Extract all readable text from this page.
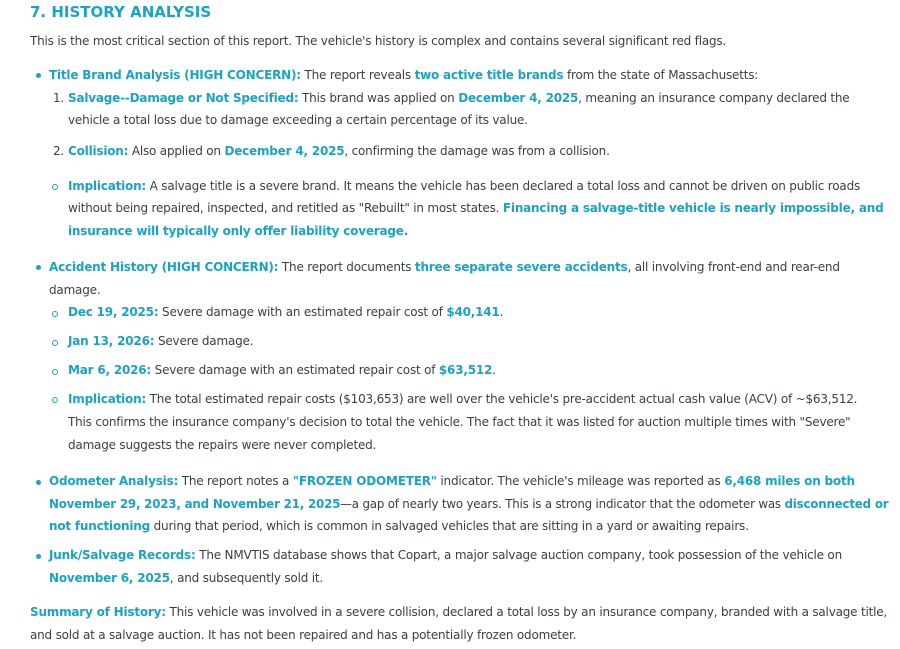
7. HISTORY ANALYSIS
This is the most critical section of this report. The vehicle's history is complex and contains several significant red flags.
Title Brand Analysis (HIGH CONCERN): The report reveals two active title brands from the state of Massachusetts:
1. Salvage--Damage or Not Specified: This brand was applied on December 4, 2025, meaning an insurance company declared the
vehicle a total loss due to damage exceeding a certain percentage of its value.
2. Collision: Also applied on December 4, 2025, confirming the damage was from a collision.
Implication: A salvage title is a severe brand. It means the vehicle has been declared a total loss and cannot be driven on public roads
without being repaired, inspected, and retitled as "Rebuilt" in most states. Financing a salvage-title vehicle is nearly impossible, and
insurance will typically only offer liability coverage.
Accident History (HIGH CONCERN): The report documents three separate severe accidents, all involving front-end and rear-end
damage.
Dec 19, 2025: Severe damage with an estimated repair cost of $40,141.
Jan 13, 2026: Severe damage.
Mar 6, 2026: Severe damage with an estimated repair cost of $63,512.
Implication: The total estimated repair costs ($103,653) are well over the vehicle's pre-accident actual cash value (ACV) of ~$63,512.
This confirms the insurance company's decision to total the vehicle. The fact that it was listed for auction multiple times with "Severe"
damage suggests the repairs were never completed.
Odometer Analysis: The report notes a "FROZEN ODOMETER" indicator. The vehicle's mileage was reported as 6,468 miles on both
November 29, 2023, and November 21, 2025—a gap of nearly two years. This is a strong indicator that the odometer was disconnected or
not functioning during that period, which is common in salvaged vehicles that are sitting in a yard or awaiting repairs.
Junk/Salvage Records: The NMVTIS database shows that Copart, a major salvage auction company, took possession of the vehicle on
November 6, 2025, and subsequently sold it.
Summary of History: This vehicle was involved in a severe collision, declared a total loss by an insurance company, branded with a salvage title,
and sold at a salvage auction. It has not been repaired and has a potentially frozen odometer.
